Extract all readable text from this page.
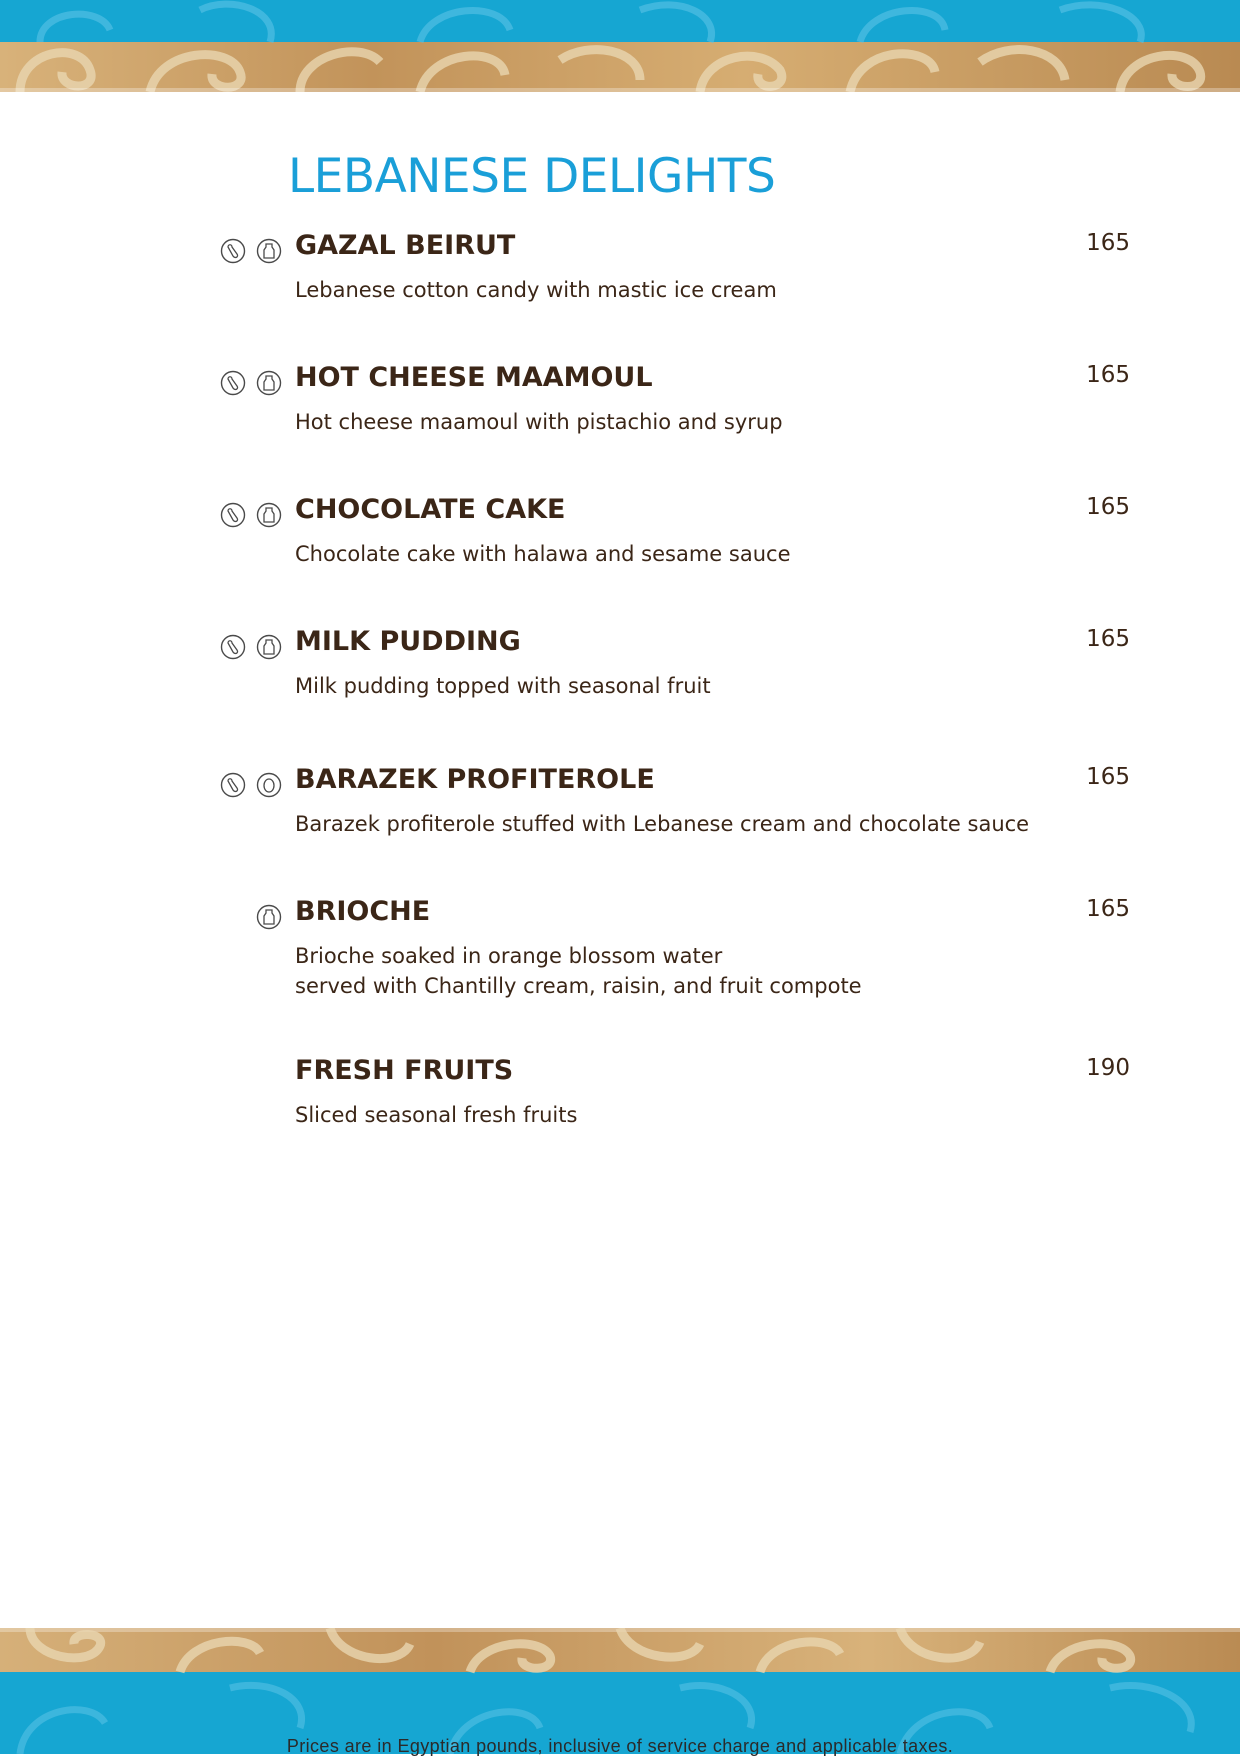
LEBANESE DELIGHTS
GAZAL BEIRUT	165
Lebanese cotton candy with mastic ice cream
HOT CHEESE MAAMOUL	165
Hot cheese maamoul with pistachio and syrup
CHOCOLATE CAKE	165
Chocolate cake with halawa and sesame sauce
MILK PUDDING	165
Milk pudding topped with seasonal fruit
BARAZEK PROFITEROLE	165
Barazek profiterole stuffed with Lebanese cream and chocolate sauce
BRIOCHE	165
Brioche soaked in orange blossom water
served with Chantilly cream, raisin, and fruit compote
FRESH FRUITS	190
Sliced seasonal fresh fruits
Prices are in Egyptian pounds, inclusive of service charge and applicable taxes.
